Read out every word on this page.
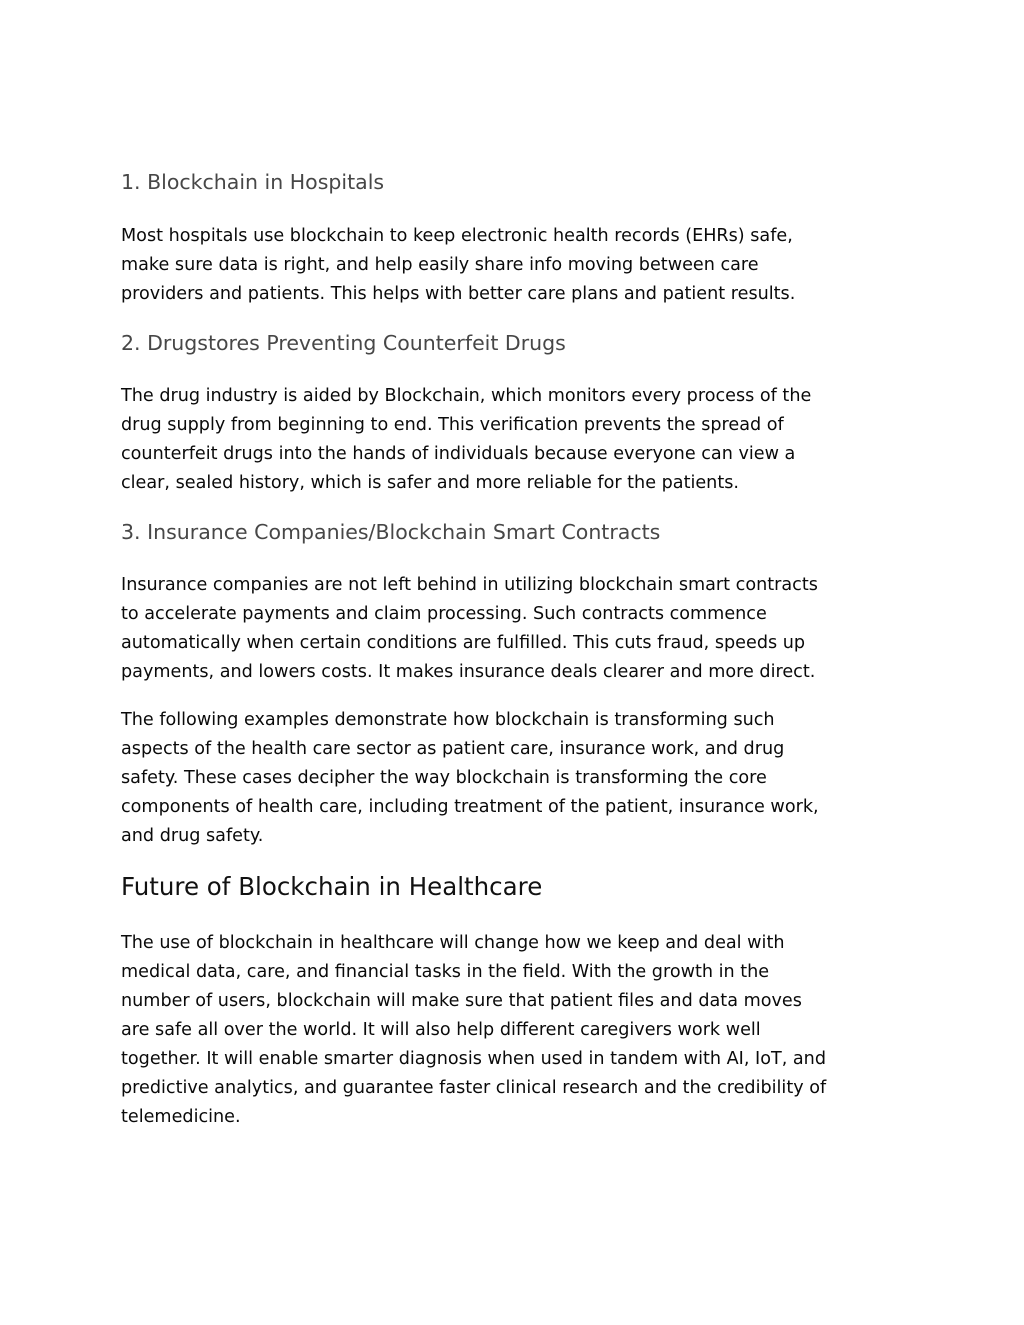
1. Blockchain in Hospitals
Most hospitals use blockchain to keep electronic health records (EHRs) safe,
make sure data is right, and help easily share info moving between care
providers and patients. This helps with better care plans and patient results.
2. Drugstores Preventing Counterfeit Drugs
The drug industry is aided by Blockchain, which monitors every process of the
drug supply from beginning to end. This verification prevents the spread of
counterfeit drugs into the hands of individuals because everyone can view a
clear, sealed history, which is safer and more reliable for the patients.
3. Insurance Companies/Blockchain Smart Contracts
Insurance companies are not left behind in utilizing blockchain smart contracts
to accelerate payments and claim processing. Such contracts commence
automatically when certain conditions are fulfilled. This cuts fraud, speeds up
payments, and lowers costs. It makes insurance deals clearer and more direct.
The following examples demonstrate how blockchain is transforming such
aspects of the health care sector as patient care, insurance work, and drug
safety. These cases decipher the way blockchain is transforming the core
components of health care, including treatment of the patient, insurance work,
and drug safety.
Future of Blockchain in Healthcare
The use of blockchain in healthcare will change how we keep and deal with
medical data, care, and financial tasks in the field. With the growth in the
number of users, blockchain will make sure that patient files and data moves
are safe all over the world. It will also help different caregivers work well
together. It will enable smarter diagnosis when used in tandem with AI, IoT, and
predictive analytics, and guarantee faster clinical research and the credibility of
telemedicine.
